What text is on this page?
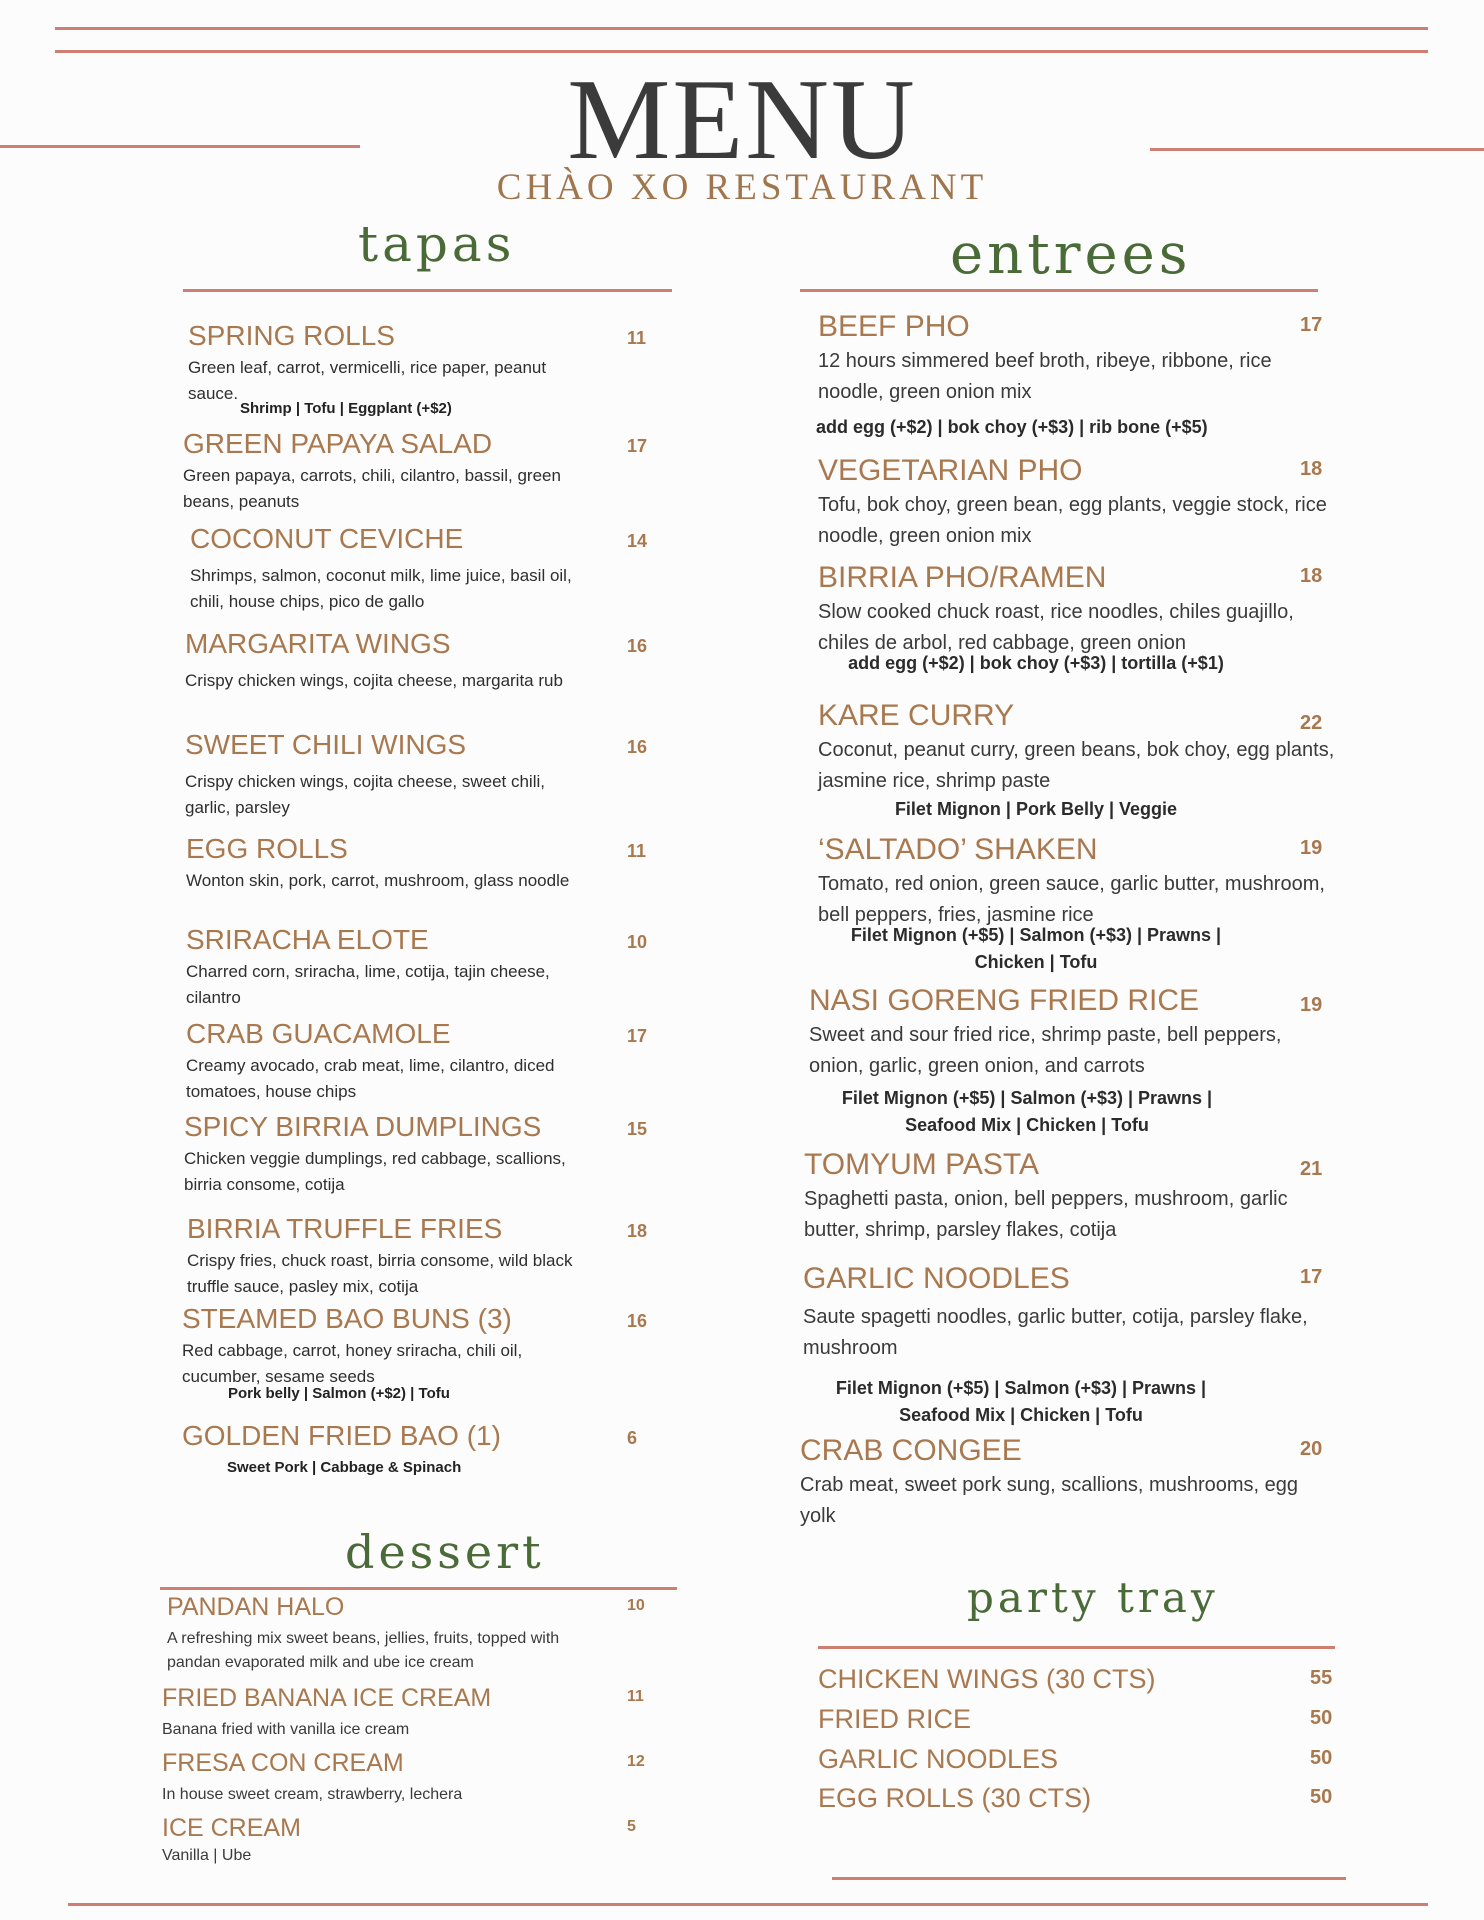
MENU
CHÀO XO RESTAURANT
tapas
SPRING ROLLS	11
Green leaf, carrot, vermicelli, rice paper, peanut sauce.
Shrimp | Tofu | Eggplant (+$2)
GREEN PAPAYA SALAD	17
Green papaya, carrots, chili, cilantro, bassil, green beans, peanuts
COCONUT CEVICHE	14
Shrimps, salmon, coconut milk, lime juice, basil oil, chili, house chips, pico de gallo
MARGARITA WINGS	16
Crispy chicken wings, cojita cheese, margarita rub
SWEET CHILI WINGS	16
Crispy chicken wings, cojita cheese, sweet chili, garlic, parsley
EGG ROLLS	11
Wonton skin, pork, carrot, mushroom, glass noodle
SRIRACHA ELOTE	10
Charred corn, sriracha, lime, cotija, tajin cheese, cilantro
CRAB GUACAMOLE	17
Creamy avocado, crab meat, lime, cilantro, diced tomatoes, house chips
SPICY BIRRIA DUMPLINGS	15
Chicken veggie dumplings, red cabbage, scallions, birria consome, cotija
BIRRIA TRUFFLE FRIES	18
Crispy fries, chuck roast, birria consome, wild black truffle sauce, pasley mix, cotija
STEAMED BAO BUNS (3)	16
Red cabbage, carrot, honey sriracha, chili oil, cucumber, sesame seeds
Pork belly | Salmon (+$2) | Tofu
GOLDEN FRIED BAO (1)	6
Sweet Pork | Cabbage & Spinach
entrees
BEEF PHO	17
12 hours simmered beef broth, ribeye, ribbone, rice noodle, green onion mix
add egg (+$2) | bok choy (+$3) | rib bone (+$5)
VEGETARIAN PHO	18
Tofu, bok choy, green bean, egg plants, veggie stock, rice noodle, green onion mix
BIRRIA PHO/RAMEN	18
Slow cooked chuck roast, rice noodles, chiles guajillo, chiles de arbol, red cabbage, green onion
add egg (+$2) | bok choy (+$3) | tortilla (+$1)
KARE CURRY	22
Coconut, peanut curry, green beans, bok choy, egg plants, jasmine rice, shrimp paste
Filet Mignon | Pork Belly | Veggie
‘SALTADO’ SHAKEN	19
Tomato, red onion, green sauce, garlic butter, mushroom, bell peppers, fries, jasmine rice
Filet Mignon (+$5) | Salmon (+$3) | Prawns | Chicken | Tofu
NASI GORENG FRIED RICE	19
Sweet and sour fried rice, shrimp paste, bell peppers, onion, garlic, green onion, and carrots
Filet Mignon (+$5) | Salmon (+$3) | Prawns | Seafood Mix | Chicken | Tofu
TOMYUM PASTA	21
Spaghetti pasta, onion, bell peppers, mushroom, garlic butter, shrimp, parsley flakes, cotija
GARLIC NOODLES	17
Saute spagetti noodles, garlic butter, cotija, parsley flake, mushroom
Filet Mignon (+$5) | Salmon (+$3) | Prawns | Seafood Mix | Chicken | Tofu
CRAB CONGEE	20
Crab meat, sweet pork sung, scallions, mushrooms, egg yolk
dessert
PANDAN HALO	10
A refreshing mix sweet beans, jellies, fruits, topped with pandan evaporated milk and ube ice cream
FRIED BANANA ICE CREAM	11
Banana fried with vanilla ice cream
FRESA CON CREAM	12
In house sweet cream, strawberry, lechera
ICE CREAM	5
Vanilla | Ube
party tray
CHICKEN WINGS (30 CTS)	55
FRIED RICE	50
GARLIC NOODLES	50
EGG ROLLS (30 CTS)	50
